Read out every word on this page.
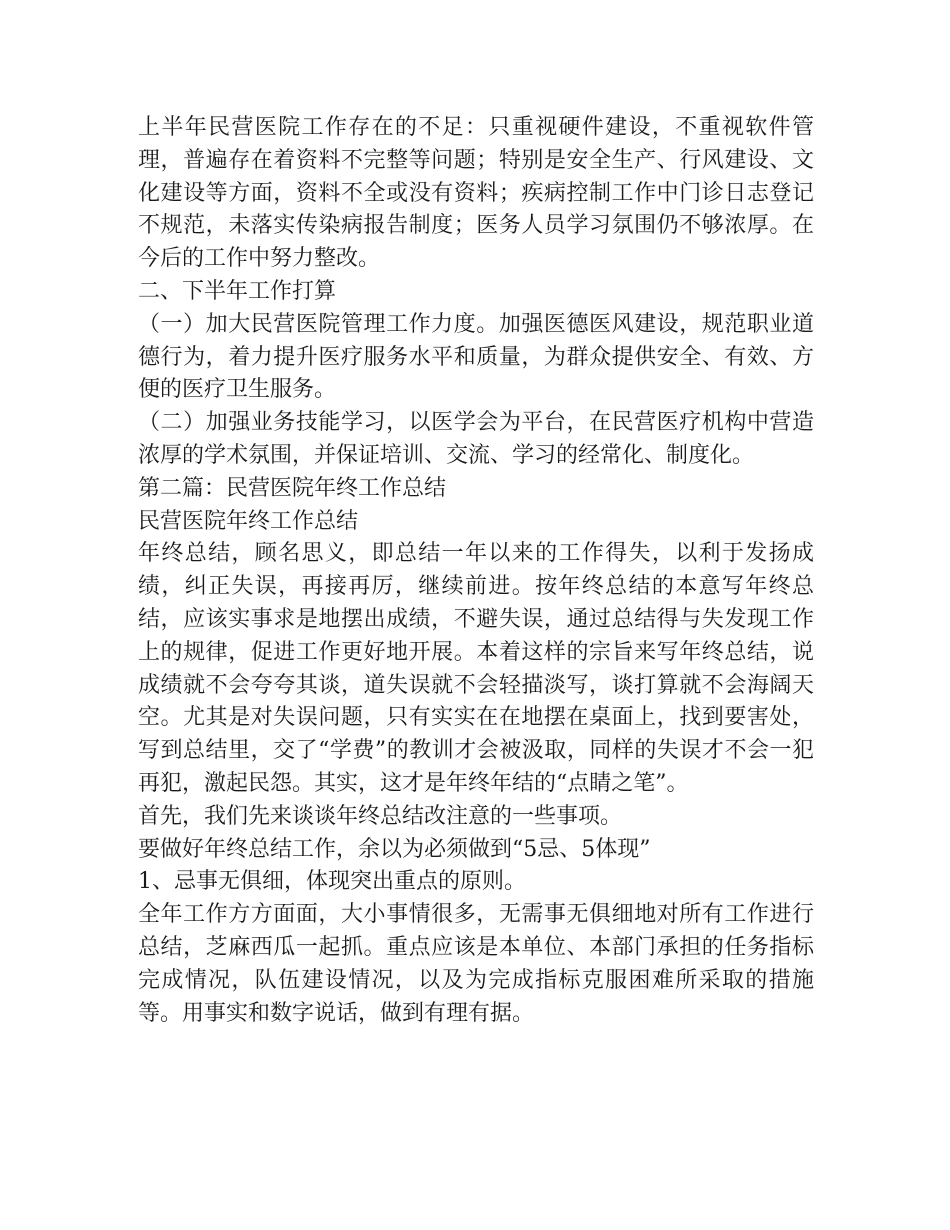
上半年民营医院工作存在的不足：只重视硬件建设，不重视软件管理，普遍存在着资料不完整等问题；特别是安全生产、行风建设、文化建设等方面，资料不全或没有资料；疾病控制工作中门诊日志登记不规范，未落实传染病报告制度；医务人员学习氛围仍不够浓厚。在今后的工作中努力整改。

二、下半年工作打算

（一）加大民营医院管理工作力度。加强医德医风建设，规范职业道德行为，着力提升医疗服务水平和质量，为群众提供安全、有效、方便的医疗卫生服务。

（二）加强业务技能学习，以医学会为平台，在民营医疗机构中营造浓厚的学术氛围，并保证培训、交流、学习的经常化、制度化。

第二篇：民营医院年终工作总结

民营医院年终工作总结

年终总结，顾名思义，即总结一年以来的工作得失，以利于发扬成绩，纠正失误，再接再厉，继续前进。按年终总结的本意写年终总结，应该实事求是地摆出成绩，不避失误，通过总结得与失发现工作上的规律，促进工作更好地开展。本着这样的宗旨来写年终总结，说成绩就不会夸夸其谈，道失误就不会轻描淡写，谈打算就不会海阔天空。尤其是对失误问题，只有实实在在地摆在桌面上，找到要害处，写到总结里，交了“学费”的教训才会被汲取，同样的失误才不会一犯再犯，激起民怨。其实，这才是年终年结的“点睛之笔”。

首先，我们先来谈谈年终总结改注意的一些事项。

要做好年终总结工作，余以为必须做到“5忌、5体现”

1、忌事无俱细，体现突出重点的原则。

全年工作方方面面，大小事情很多，无需事无俱细地对所有工作进行总结，芝麻西瓜一起抓。重点应该是本单位、本部门承担的任务指标完成情况，队伍建设情况，以及为完成指标克服困难所采取的措施等。用事实和数字说话，做到有理有据。
